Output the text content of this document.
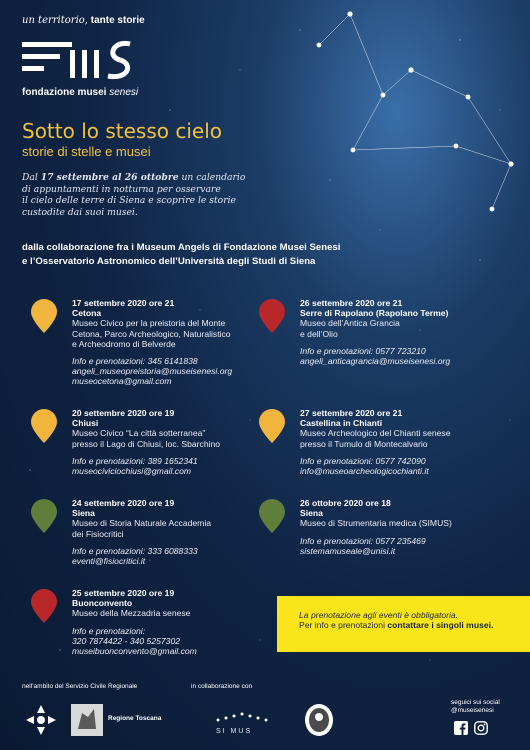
un territorio, tante storie
fondazione musei senesi
Sotto lo stesso cielo
storie di stelle e musei
Dal 17 settembre al 26 ottobre un calendario
di appuntamenti in notturna per osservare
il cielo delle terre di Siena e scoprire le storie
custodite dai suoi musei.
dalla collaborazione fra i Museum Angels di Fondazione Musei Senesi
e l’Osservatorio Astronomico dell’Università degli Studi di Siena
17 settembre 2020 ore 21
Cetona
Museo Civico per la preistoria del Monte
Cetona, Parco Archeologico, Naturalistico
e Archeodromo di Belverde
Info e prenotazioni: 345 6141838
angeli_museopreistoria@museisenesi.org
museocetona@gmail.com
20 settembre 2020 ore 19
Chiusi
Museo Civico “La città sotterranea”
presso il Lago di Chiusi, loc. Sbarchino
Info e prenotazioni: 389 1652341
museociviciochiusi@gmail.com
24 settembre 2020 ore 19
Siena
Museo di Storia Naturale Accademia
dei Fisiocritici
Info e prenotazioni: 333 6088333
eventi@fisiocritici.it
25 settembre 2020 ore 19
Buonconvento
Museo della Mezzadria senese
Info e prenotazioni:
320 7874422 - 340 5257302
museibuonconvento@gmail.com
26 settembre 2020 ore 21
Serre di Rapolano (Rapolano Terme)
Museo dell’Antica Grancia
e dell’Olio
Info e prenotazioni: 0577 723210
angeli_anticagrancia@museisenesi.org
27 settembre 2020 ore 21
Castellina in Chianti
Museo Archeologico del Chianti senese
presso il Tumulo di Montecalvario
Info e prenotazioni: 0577 742090
info@museoarcheologicochianti.it
26 ottobre 2020 ore 18
Siena
Museo di Strumentaria medica (SIMUS)
Info e prenotazioni: 0577 235469
sistemamuseale@unisi.it
La prenotazione agli eventi è obbligatoria.
Per info e prenotazioni contattare i singoli musei.
nell’ambito del Servizio Civile Regionale	in collaborazione con
Regione Toscana
SI MUS
seguici sui social
@museisenesi
